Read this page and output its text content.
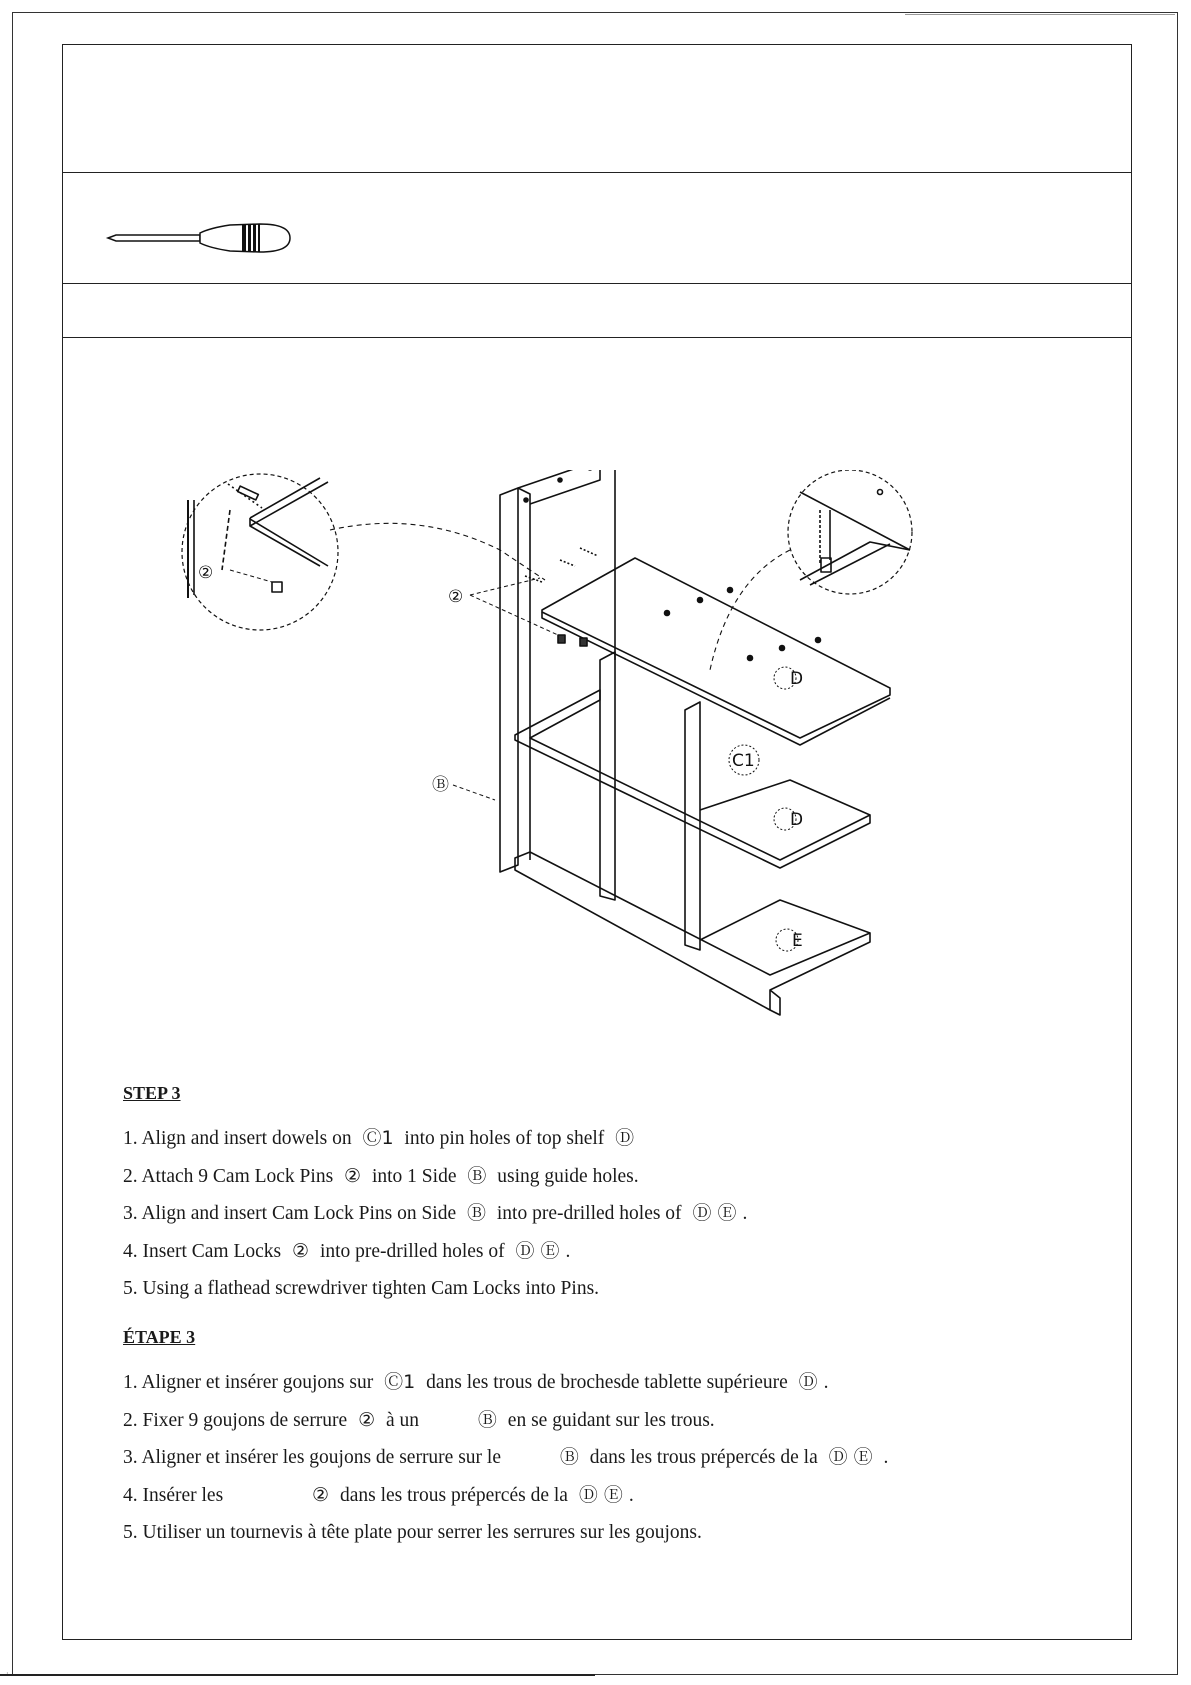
②
②
Ⓑ
C1
D
D
E
STEP 3
1. Align and insert dowels on Ⓒ1 into pin holes of top shelf Ⓓ
2. Attach 9 Cam Lock Pins ② into 1 Side Ⓑ using guide holes.
3. Align and insert Cam Lock Pins on Side Ⓑ into pre-drilled holes of Ⓓ Ⓔ .
4. Insert Cam Locks ② into pre-drilled holes of Ⓓ Ⓔ .
5. Using a flathead screwdriver tighten Cam Locks into Pins.
ÉTAPE 3
1. Aligner et insérer goujons sur Ⓒ1 dans les trous de brochesde tablette supérieure Ⓓ .
2. Fixer 9 goujons de serrure ② à un	Ⓑ en se guidant sur les trous.
3. Aligner et insérer les goujons de serrure sur le	Ⓑ dans les trous prépercés de la Ⓓ Ⓔ .
4. Insérer les	② dans les trous prépercés de la Ⓓ Ⓔ .
5. Utiliser un tournevis à tête plate pour serrer les serrures sur les goujons.
·
